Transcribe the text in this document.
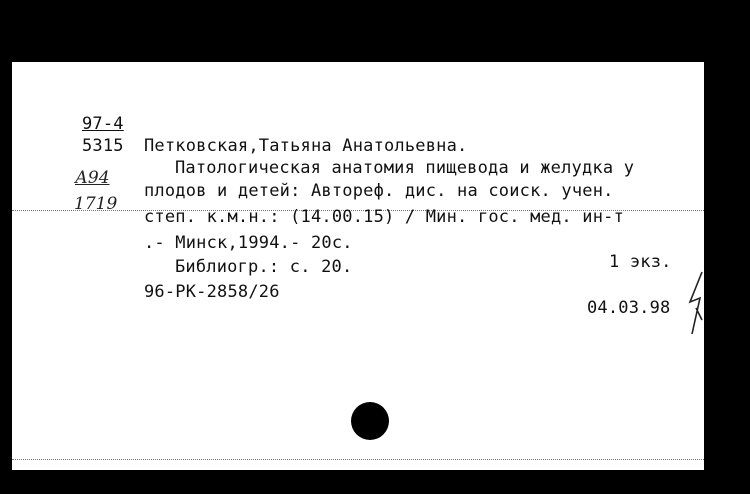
97-4
5315
А94
1719
Петковская,Татьяна Анатольевна.
Патологическая анатомия пищевода и желудка у
плодов и детей: Автореф. дис. на соиск. учен.
степ. к.м.н.: (14.00.15) / Мин. гос. мед. ин-т
.- Минск,1994.- 20с.
Библиогр.: с. 20.	1 экз.
96-РК-2858/26
04.03.98
